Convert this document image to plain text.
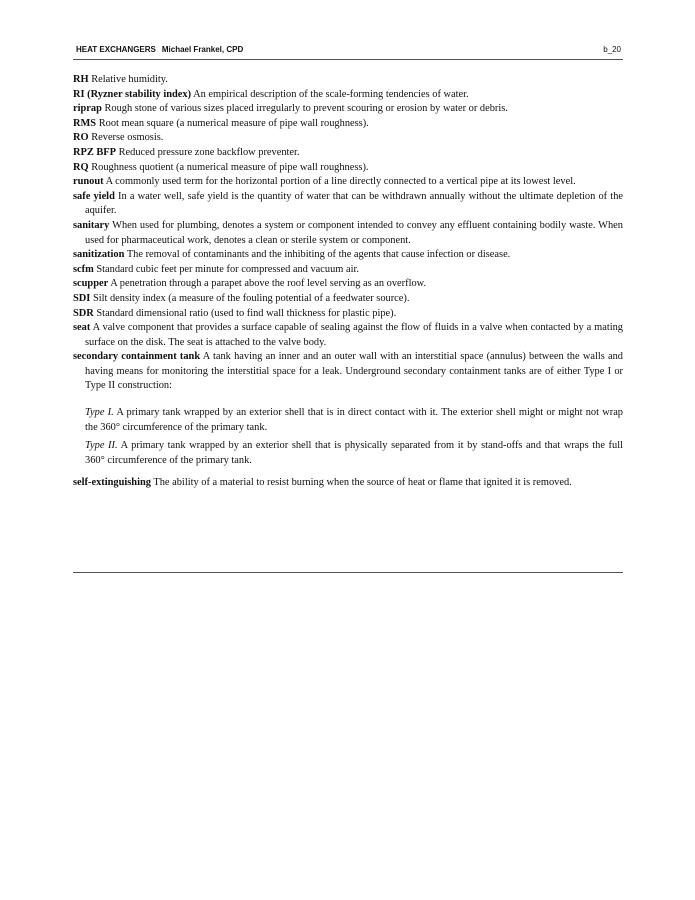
HEAT EXCHANGERS Michael Frankel, CPD	b_20

RH Relative humidity.

RI (Ryzner stability index) An empirical description of the scale-forming tendencies of water.

riprap Rough stone of various sizes placed irregularly to prevent scouring or erosion by water or debris.

RMS Root mean square (a numerical measure of pipe wall roughness).

RO Reverse osmosis.

RPZ BFP Reduced pressure zone backflow preventer.

RQ Roughness quotient (a numerical measure of pipe wall roughness).

runout A commonly used term for the horizontal portion of a line directly connected to a vertical pipe at its lowest level.

safe yield In a water well, safe yield is the quantity of water that can be withdrawn annually without the ultimate depletion of the aquifer.

sanitary When used for plumbing, denotes a system or component intended to convey any effluent containing bodily waste. When used for pharmaceutical work, denotes a clean or sterile system or component.

sanitization The removal of contaminants and the inhibiting of the agents that cause infection or disease.

scfm Standard cubic feet per minute for compressed and vacuum air.

scupper A penetration through a parapet above the roof level serving as an overflow.

SDI Silt density index (a measure of the fouling potential of a feedwater source).

SDR Standard dimensional ratio (used to find wall thickness for plastic pipe).

seat A valve component that provides a surface capable of sealing against the flow of fluids in a valve when contacted by a mating surface on the disk. The seat is attached to the valve body.

secondary containment tank A tank having an inner and an outer wall with an interstitial space (annulus) between the walls and having means for monitoring the interstitial space for a leak. Underground secondary containment tanks are of either Type I or Type II construction:

Type I. A primary tank wrapped by an exterior shell that is in direct contact with it. The exterior shell might or might not wrap the 360° circumference of the primary tank.

Type II. A primary tank wrapped by an exterior shell that is physically separated from it by stand-offs and that wraps the full 360° circumference of the primary tank.

self-extinguishing The ability of a material to resist burning when the source of heat or flame that ignited it is removed.
